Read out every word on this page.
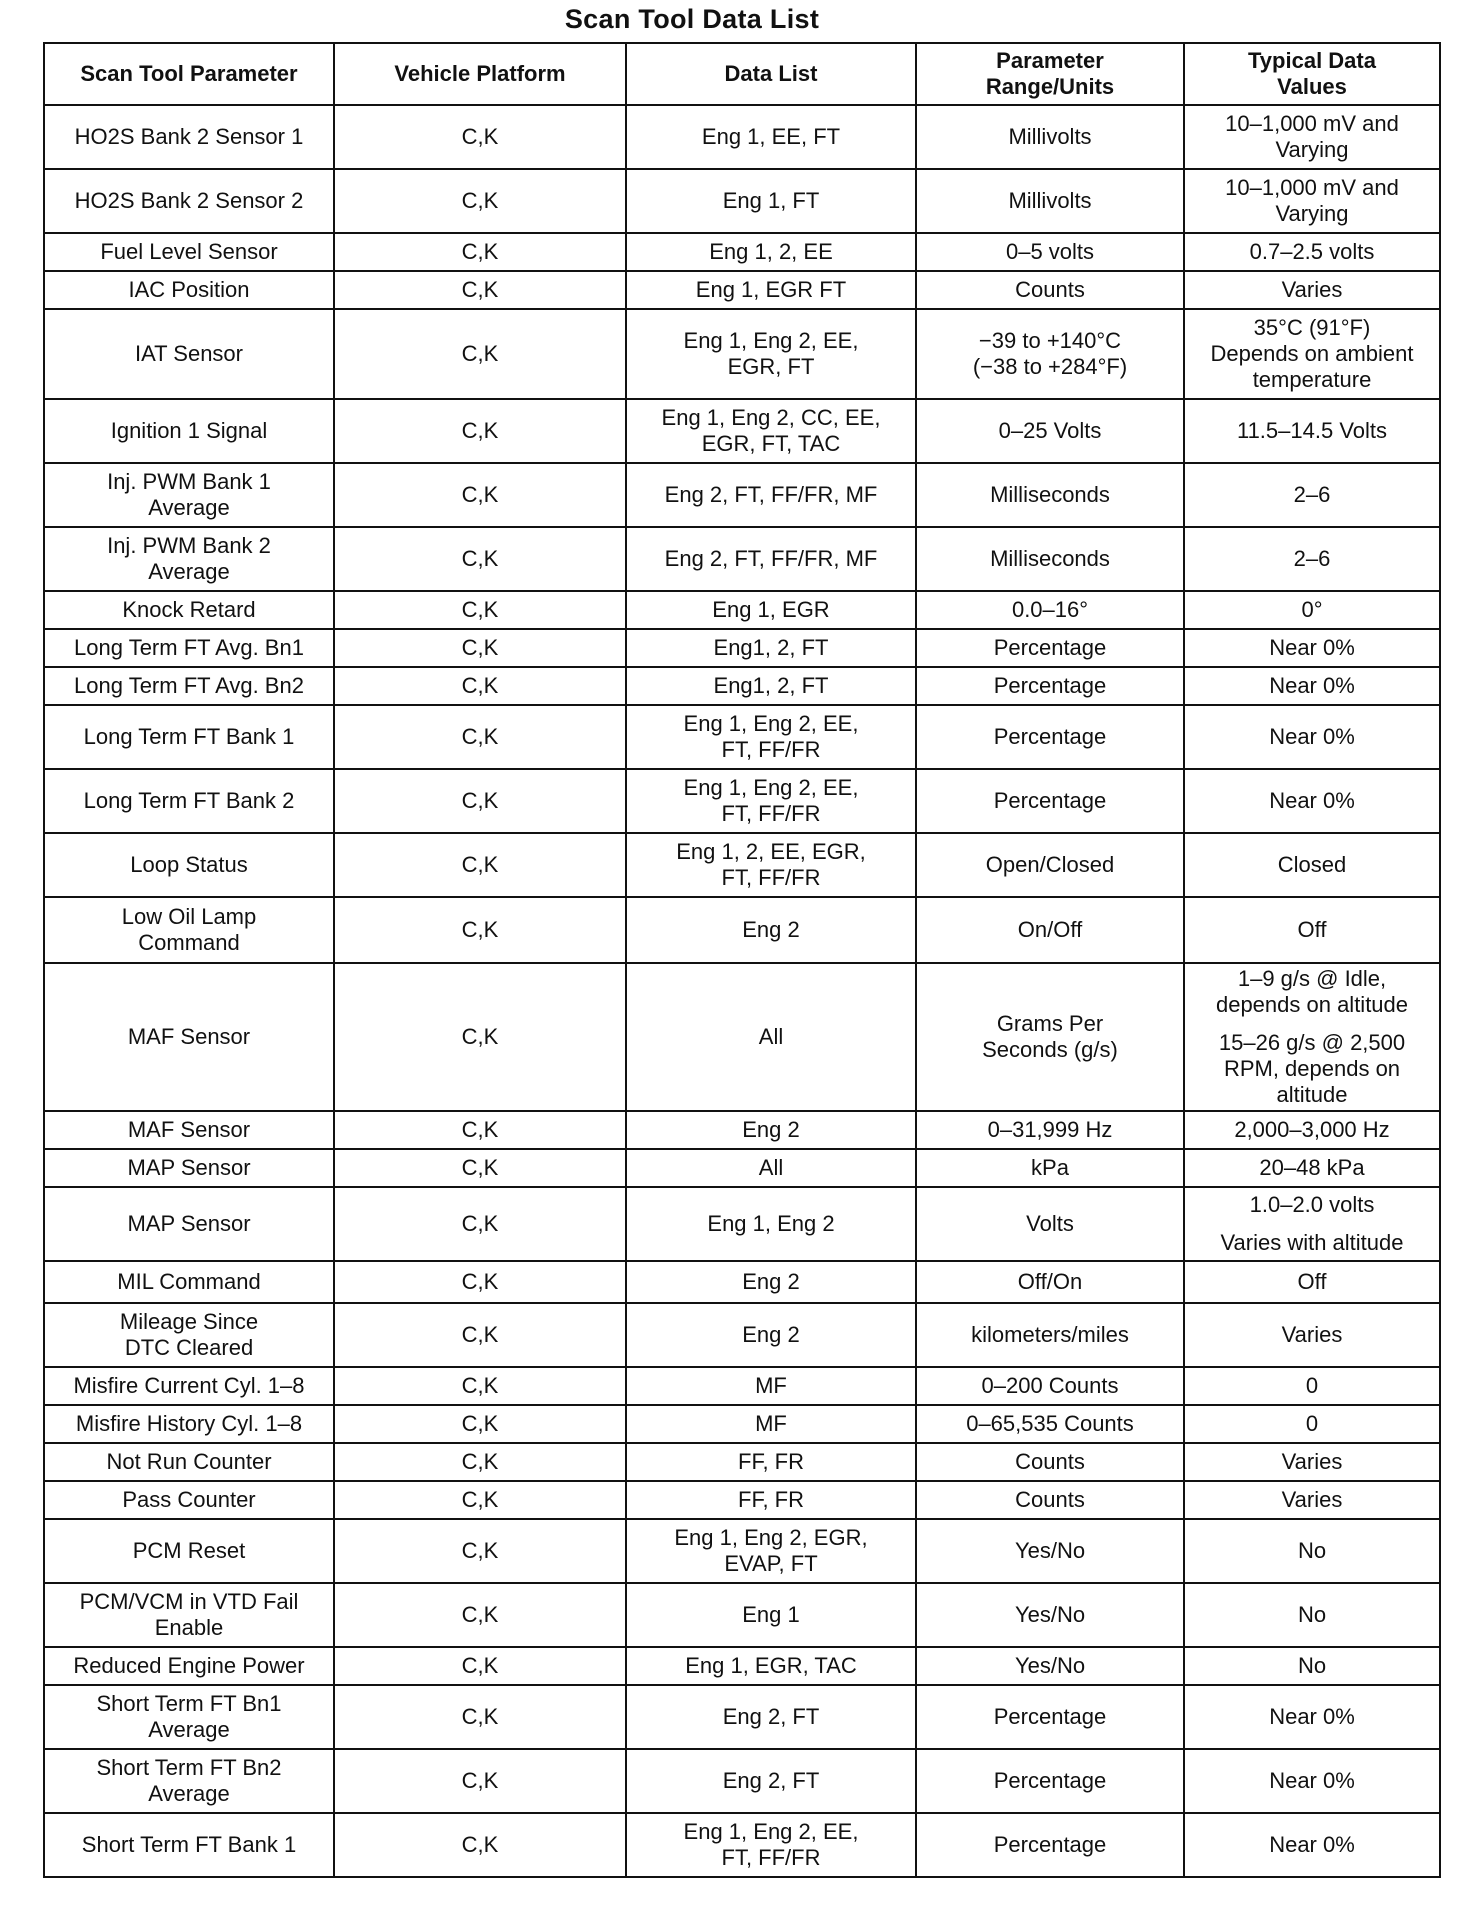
Scan Tool Data List
Scan Tool Parameter	Vehicle Platform	Data List	Parameter
Range/Units	Typical Data
Values
HO2S Bank 2 Sensor 1	C,K	Eng 1, EE, FT	Millivolts	10–1,000 mV and
Varying

HO2S Bank 2 Sensor 2	C,K	Eng 1, FT	Millivolts	10–1,000 mV and
Varying

Fuel Level Sensor	C,K	Eng 1, 2, EE	0–5 volts	0.7–2.5 volts

IAC Position	C,K	Eng 1, EGR FT	Counts	Varies

IAT Sensor	C,K	Eng 1, Eng 2, EE,
EGR, FT	−39 to +140°C
(−38 to +284°F)	35°C (91°F)
Depends on ambient
temperature

Ignition 1 Signal	C,K	Eng 1, Eng 2, CC, EE,
EGR, FT, TAC	0–25 Volts	11.5–14.5 Volts

Inj. PWM Bank 1
Average	C,K	Eng 2, FT, FF/FR, MF	Milliseconds	2–6

Inj. PWM Bank 2
Average	C,K	Eng 2, FT, FF/FR, MF	Milliseconds	2–6

Knock Retard	C,K	Eng 1, EGR	0.0–16°	0°

Long Term FT Avg. Bn1	C,K	Eng1, 2, FT	Percentage	Near 0%

Long Term FT Avg. Bn2	C,K	Eng1, 2, FT	Percentage	Near 0%

Long Term FT Bank 1	C,K	Eng 1, Eng 2, EE,
FT, FF/FR	Percentage	Near 0%

Long Term FT Bank 2	C,K	Eng 1, Eng 2, EE,
FT, FF/FR	Percentage	Near 0%

Loop Status	C,K	Eng 1, 2, EE, EGR,
FT, FF/FR	Open/Closed	Closed

Low Oil Lamp
Command	C,K	Eng 2	On/Off	Off

MAF Sensor	C,K	All	Grams Per
Seconds (g/s)	1–9 g/s @ Idle,
depends on altitude
15–26 g/s @ 2,500
RPM, depends on
altitude

MAF Sensor	C,K	Eng 2	0–31,999 Hz	2,000–3,000 Hz

MAP Sensor	C,K	All	kPa	20–48 kPa

MAP Sensor	C,K	Eng 1, Eng 2	Volts	1.0–2.0 volts
Varies with altitude

MIL Command	C,K	Eng 2	Off/On	Off

Mileage Since
DTC Cleared	C,K	Eng 2	kilometers/miles	Varies

Misfire Current Cyl. 1–8	C,K	MF	0–200 Counts	0

Misfire History Cyl. 1–8	C,K	MF	0–65,535 Counts	0

Not Run Counter	C,K	FF, FR	Counts	Varies

Pass Counter	C,K	FF, FR	Counts	Varies

PCM Reset	C,K	Eng 1, Eng 2, EGR,
EVAP, FT	Yes/No	No

PCM/VCM in VTD Fail
Enable	C,K	Eng 1	Yes/No	No

Reduced Engine Power	C,K	Eng 1, EGR, TAC	Yes/No	No

Short Term FT Bn1
Average	C,K	Eng 2, FT	Percentage	Near 0%

Short Term FT Bn2
Average	C,K	Eng 2, FT	Percentage	Near 0%

Short Term FT Bank 1	C,K	Eng 1, Eng 2, EE,
FT, FF/FR	Percentage	Near 0%
